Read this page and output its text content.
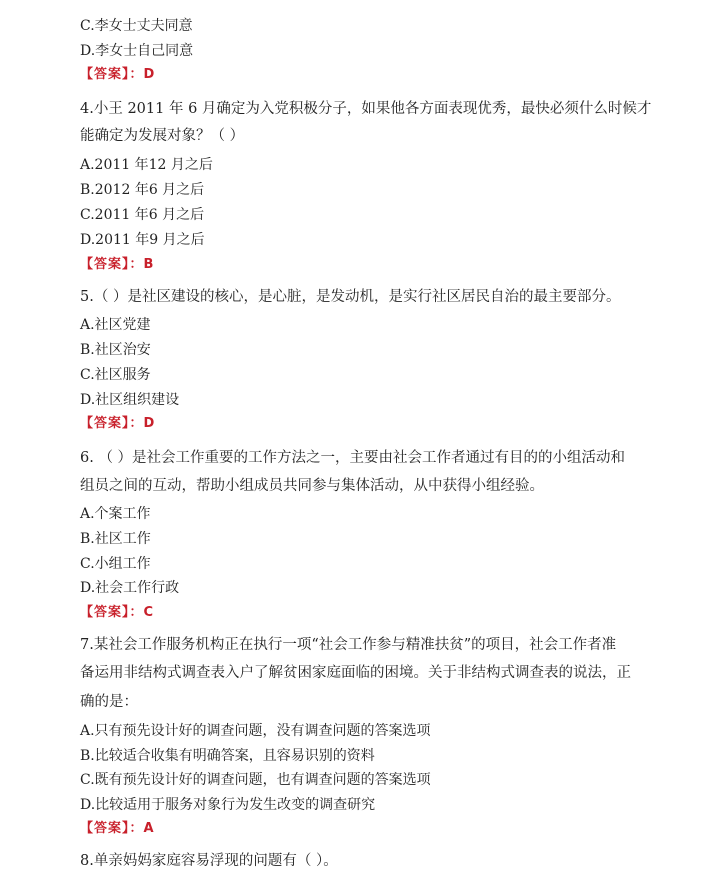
C.李女士丈夫同意
D.李女士自己同意
【答案】：D
4.小王 2011 年 6 月确定为入党积极分子，如果他各方面表现优秀，最快必须什么时候才
能确定为发展对象？（ ）
A.2011 年12 月之后
B.2012 年6 月之后
C.2011 年6 月之后
D.2011 年9 月之后
【答案】：B
5.（ ）是社区建设的核心，是心脏，是发动机，是实行社区居民自治的最主要部分。
A.社区党建
B.社区治安
C.社区服务
D.社区组织建设
【答案】：D
6. （ ）是社会工作重要的工作方法之一，主要由社会工作者通过有目的的小组活动和
组员之间的互动，帮助小组成员共同参与集体活动，从中获得小组经验。
A.个案工作
B.社区工作
C.小组工作
D.社会工作行政
【答案】：C
7.某社会工作服务机构正在执行一项“社会工作参与精准扶贫”的项目，社会工作者准
备运用非结构式调查表入户了解贫困家庭面临的困境。关于非结构式调查表的说法，正
确的是：
A.只有预先设计好的调查问题，没有调查问题的答案选项
B.比较适合收集有明确答案，且容易识别的资料
C.既有预先设计好的调查问题，也有调查问题的答案选项
D.比较适用于服务对象行为发生改变的调查研究
【答案】：A
8.单亲妈妈家庭容易浮现的问题有（ ）。
